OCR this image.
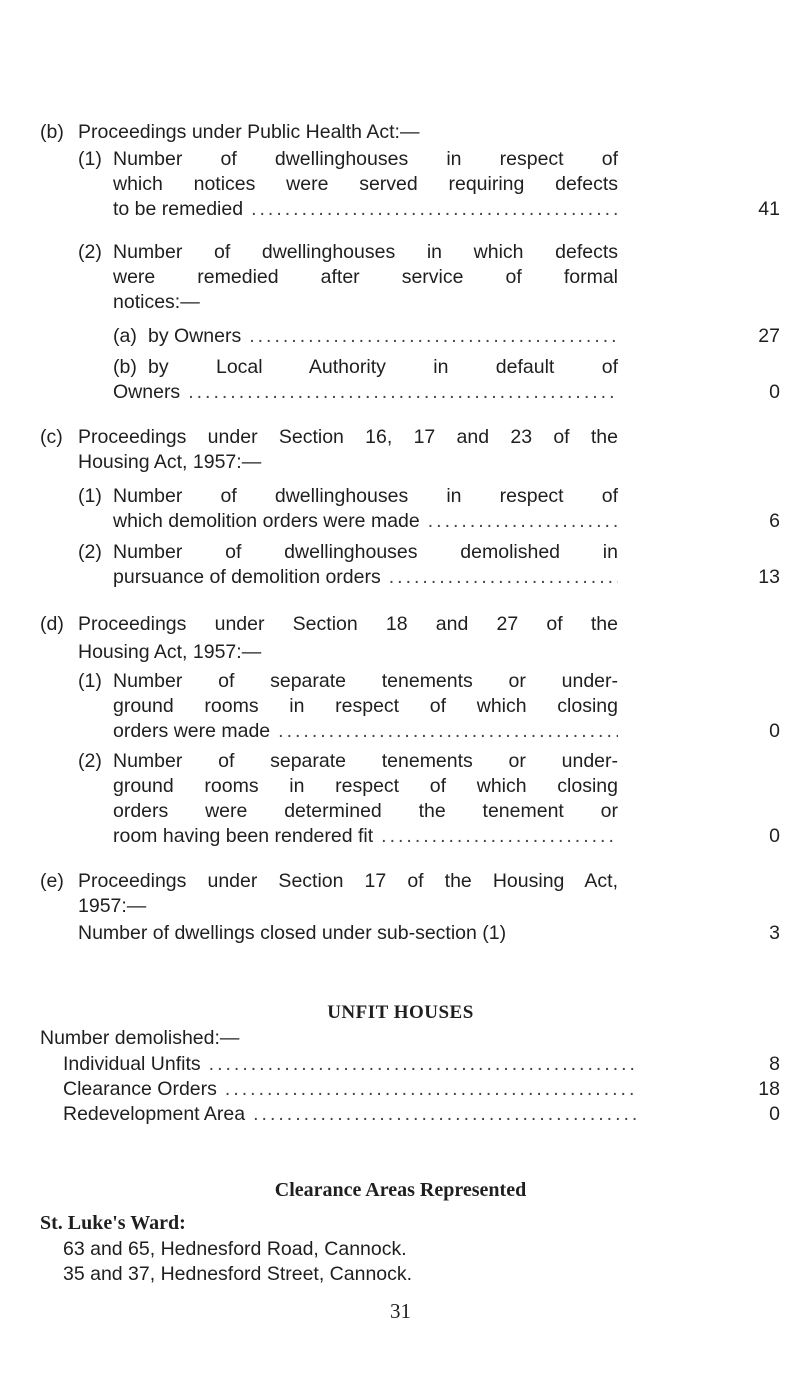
(b) Proceedings under Public Health Act:—
(1) Number of dwellinghouses in respect of
which notices were served requiring defects
to be remedied .....	41
(2) Number of dwellinghouses in which defects
were remedied after service of formal
notices:—
(a) by Owners .....	27
(b) by Local Authority in default of
Owners .....	0
(c) Proceedings under Section 16, 17 and 23 of the
Housing Act, 1957:—
(1) Number of dwellinghouses in respect of
which demolition orders were made .....	6
(2) Number of dwellinghouses demolished in
pursuance of demolition orders .....	13
(d) Proceedings under Section 18 and 27 of the
Housing Act, 1957:—
(1) Number of separate tenements or under-
ground rooms in respect of which closing
orders were made .....	0
(2) Number of separate tenements or under-
ground rooms in respect of which closing
orders were determined the tenement or
room having been rendered fit .....	0
(e) Proceedings under Section 17 of the Housing Act,
1957:—
Number of dwellings closed under sub-section (1)	3
UNFIT HOUSES
Number demolished:—
Individual Unfits .....	8
Clearance Orders .....	18
Redevelopment Area .....	0
Clearance Areas Represented
St. Luke's Ward:
63 and 65, Hednesford Road, Cannock.
35 and 37, Hednesford Street, Cannock.
31
